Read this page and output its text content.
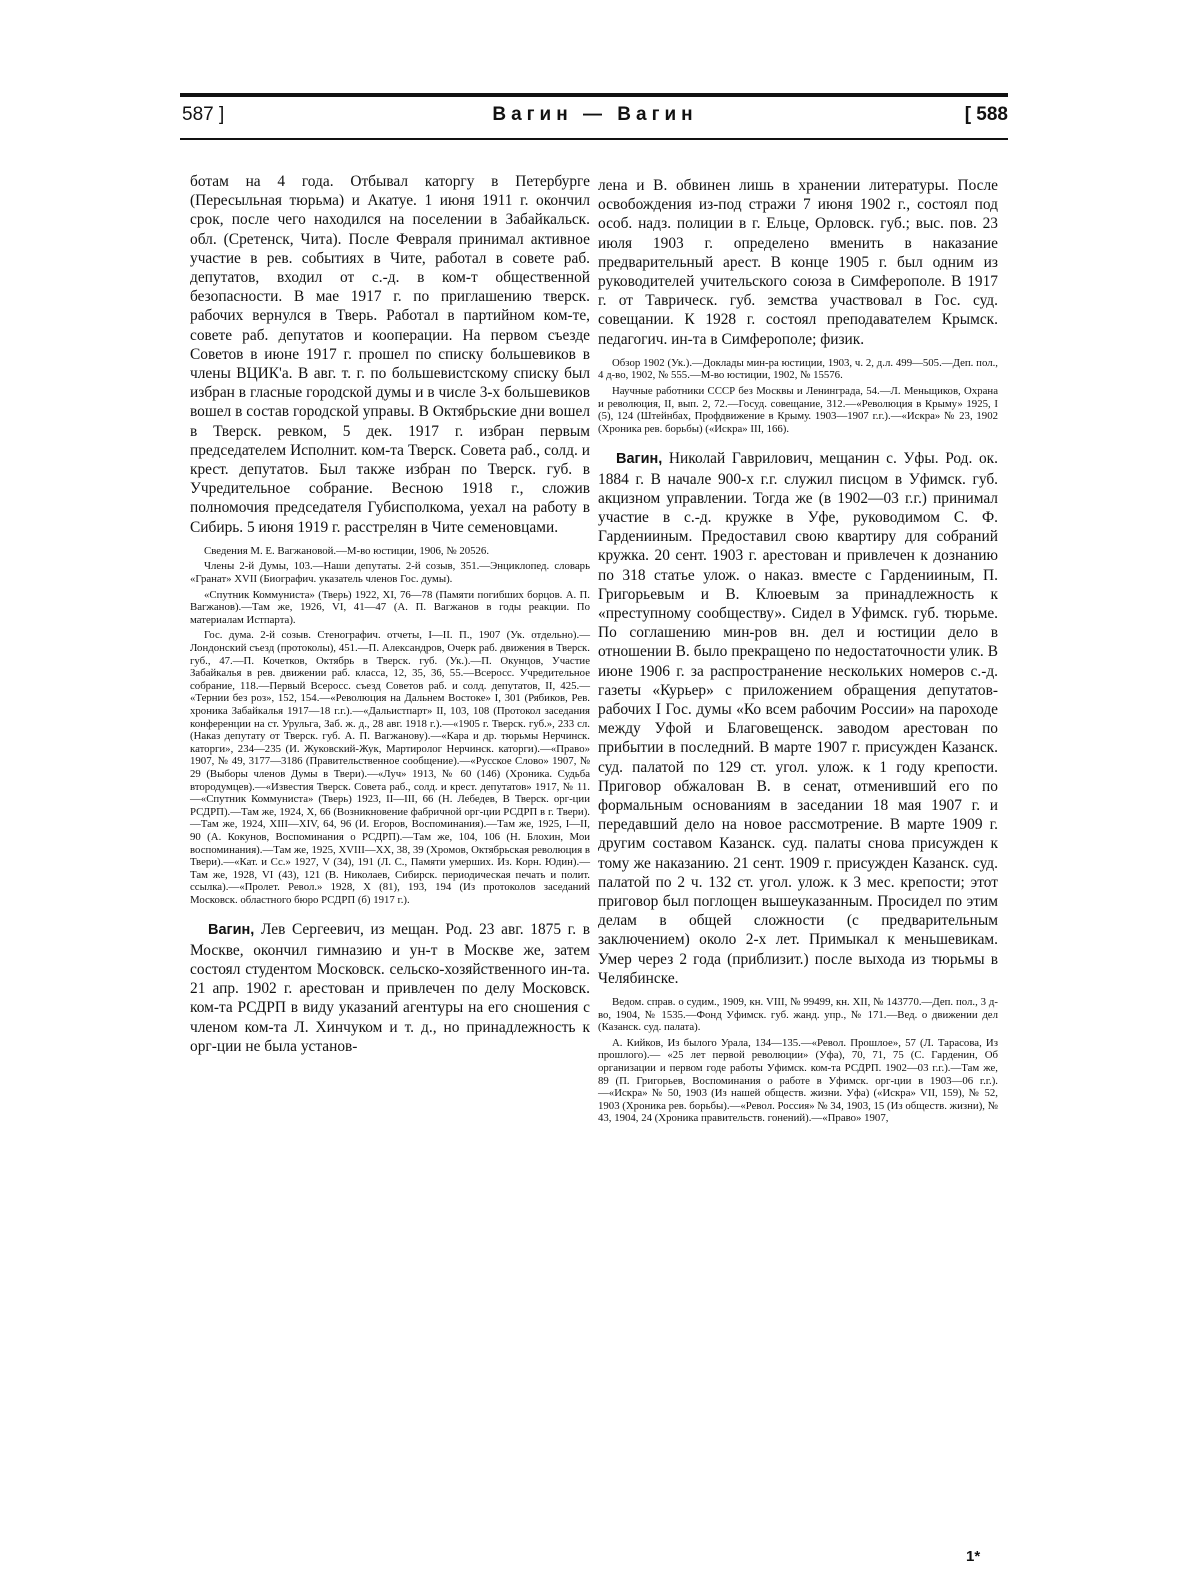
587 ]	Вагин — Вагин	[ 588

ботам на 4 года. Отбывал каторгу в Петербурге (Пересыльная тюрьма) и Акатуе. 1 июня 1911 г. окончил срок, после чего находился на поселении в Забайкальск. обл. (Сретенск, Чита). После Февраля принимал активное участие в рев. событиях в Чите, работал в совете раб. депутатов, входил от с.-д. в ком-т общественной безопасности. В мае 1917 г. по приглашению тверск. рабочих вернулся в Тверь. Работал в партийном ком-те, совете раб. депутатов и кооперации. На первом съезде Советов в июне 1917 г. прошел по списку большевиков в члены ВЦИК'а. В авг. т. г. по большевистскому списку был избран в гласные городской думы и в числе 3-х большевиков вошел в состав городской управы. В Октябрьские дни вошел в Тверск. ревком, 5 дек. 1917 г. избран первым председателем Исполнит. ком-та Тверск. Совета раб., солд. и крест. депутатов. Был также избран по Тверск. губ. в Учредительное собрание. Весною 1918 г., сложив полномочия председателя Губисполкома, уехал на работу в Сибирь. 5 июня 1919 г. расстрелян в Чите семеновцами.

Сведения М. Е. Вагжановой.—М-во юстиции, 1906, № 20526.

Члены 2-й Думы, 103.—Наши депутаты. 2-й созыв, 351.—Энциклопед. словарь «Гранат» XVII (Биографич. указатель членов Гос. думы).

«Спутник Коммуниста» (Тверь) 1922, XI, 76—78 (Памяти погибших борцов. А. П. Вагжанов).—Там же, 1926, VI, 41—47 (А. П. Вагжанов в годы реакции. По материалам Истпарта).

Гос. дума. 2-й созыв. Стенографич. отчеты, I—II. П., 1907 (Ук. отдельно).—Лондонский съезд (протоколы), 451.—П. Александров, Очерк раб. движения в Тверск. губ., 47.—П. Кочетков, Октябрь в Тверск. губ. (Ук.).—П. Окунцов, Участие Забайкалья в рев. движении раб. класса, 12, 35, 36, 55.—Всеросс. Учредительное собрание, 118.—Первый Всеросс. съезд Советов раб. и солд. депутатов, II, 425.— «Тернии без роз», 152, 154.—«Революция на Дальнем Востоке» I, 301 (Рябиков, Рев. хроника Забайкалья 1917—18 г.г.).—«Дальистпарт» II, 103, 108 (Протокол заседания конференции на ст. Урульга, Заб. ж. д., 28 авг. 1918 г.).—«1905 г. Тверск. губ.», 233 сл. (Наказ депутату от Тверск. губ. А. П. Вагжанову).—«Кара и др. тюрьмы Нерчинск. каторги», 234—235 (И. Жуковский-Жук, Мартиролог Нерчинск. каторги).—«Право» 1907, № 49, 3177—3186 (Правительственное сообщение).—«Русское Слово» 1907, № 29 (Выборы членов Думы в Твери).—«Луч» 1913, № 60 (146) (Хроника. Судьба втородумцев).—«Известия Тверск. Совета раб., солд. и крест. депутатов» 1917, № 11.—«Спутник Коммуниста» (Тверь) 1923, II—III, 66 (Н. Лебедев, В Тверск. орг-ции РСДРП).—Там же, 1924, X, 66 (Возникновение фабричной орг-ции РСДРП в г. Твери).—Там же, 1924, XIII—XIV, 64, 96 (И. Егоров, Воспоминания).—Там же, 1925, I—II, 90 (А. Кокунов, Воспоминания о РСДРП).—Там же, 104, 106 (Н. Блохин, Мои воспоминания).—Там же, 1925, XVIII—XX, 38, 39 (Хромов, Октябрьская революция в Твери).—«Кат. и Сс.» 1927, V (34), 191 (Л. С., Памяти умерших. Из. Корн. Юдин).—Там же, 1928, VI (43), 121 (В. Николаев, Сибирск. периодическая печать и полит. ссылка).—«Пролет. Револ.» 1928, X (81), 193, 194 (Из протоколов заседаний Московск. областного бюро РСДРП (б) 1917 г.).

Вагин, Лев Сергеевич, из мещан. Род. 23 авг. 1875 г. в Москве, окончил гимназию и ун-т в Москве же, затем состоял студентом Московск. сельско-хозяйственного ин-та. 21 апр. 1902 г. арестован и привлечен по делу Московск. ком-та РСДРП в виду указаний агентуры на его сношения с членом ком-та Л. Хинчуком и т. д., но принадлежность к орг-ции не была установ-

лена и В. обвинен лишь в хранении литературы. После освобождения из-под стражи 7 июня 1902 г., состоял под особ. надз. полиции в г. Ельце, Орловск. губ.; выс. пов. 23 июля 1903 г. определено вменить в наказание предварительный арест. В конце 1905 г. был одним из руководителей учительского союза в Симферополе. В 1917 г. от Таврическ. губ. земства участвовал в Гос. суд. совещании. К 1928 г. состоял преподавателем Крымск. педагогич. ин-та в Симферополе; физик.

Обзор 1902 (Ук.).—Доклады мин-ра юстиции, 1903, ч. 2, д.л. 499—505.—Деп. пол., 4 д-во, 1902, № 555.—М-во юстиции, 1902, № 15576.

Научные работники СССР без Москвы и Ленинграда, 54.—Л. Меньщиков, Охрана и революция, II, вып. 2, 72.—Госуд. совещание, 312.—«Революция в Крыму» 1925, I (5), 124 (Штейнбах, Профдвижение в Крыму. 1903—1907 г.г.).—«Искра» № 23, 1902 (Хроника рев. борьбы) («Искра» III, 166).

Вагин, Николай Гаврилович, мещанин с. Уфы. Род. ок. 1884 г. В начале 900-х г.г. служил писцом в Уфимск. губ. акцизном управлении. Тогда же (в 1902—03 г.г.) принимал участие в с.-д. кружке в Уфе, руководимом С. Ф. Гарденииным. Предоставил свою квартиру для собраний кружка. 20 сент. 1903 г. арестован и привлечен к дознанию по 318 статье улож. о наказ. вместе с Гарденииным, П. Григорьевым и В. Клюевым за принадлежность к «преступному сообществу». Сидел в Уфимск. губ. тюрьме. По соглашению мин-ров вн. дел и юстиции дело в отношении В. было прекращено по недостаточности улик. В июне 1906 г. за распространение нескольких номеров с.-д. газеты «Курьер» с приложением обращения депутатов-рабочих I Гос. думы «Ко всем рабочим России» на пароходе между Уфой и Благовещенск. заводом арестован по прибытии в последний. В марте 1907 г. присужден Казанск. суд. палатой по 129 ст. угол. улож. к 1 году крепости. Приговор обжалован В. в сенат, отменивший его по формальным основаниям в заседании 18 мая 1907 г. и передавший дело на новое рассмотрение. В марте 1909 г. другим составом Казанск. суд. палаты снова присужден к тому же наказанию. 21 сент. 1909 г. присужден Казанск. суд. палатой по 2 ч. 132 ст. угол. улож. к 3 мес. крепости; этот приговор был поглощен вышеуказанным. Просидел по этим делам в общей сложности (с предварительным заключением) около 2-х лет. Примыкал к меньшевикам. Умер через 2 года (приблизит.) после выхода из тюрьмы в Челябинске.

Ведом. справ. о судим., 1909, кн. VIII, № 99499, кн. XII, № 143770.—Деп. пол., 3 д-во, 1904, № 1535.—Фонд Уфимск. губ. жанд. упр., № 171.—Вед. о движении дел (Казанск. суд. палата).

А. Кийков, Из былого Урала, 134—135.—«Револ. Прошлое», 57 (Л. Тарасова, Из прошлого).— «25 лет первой революции» (Уфа), 70, 71, 75 (С. Гарденин, Об организации и первом годе работы Уфимск. ком-та РСДРП. 1902—03 г.г.).—Там же, 89 (П. Григорьев, Воспоминания о работе в Уфимск. орг-ции в 1903—06 г.г.).—«Искра» № 50, 1903 (Из нашей обществ. жизни. Уфа) («Искра» VII, 159), № 52, 1903 (Хроника рев. борьбы).—«Револ. Россия» № 34, 1903, 15 (Из обществ. жизни), № 43, 1904, 24 (Хроника правительств. гонений).—«Право» 1907,

1*
